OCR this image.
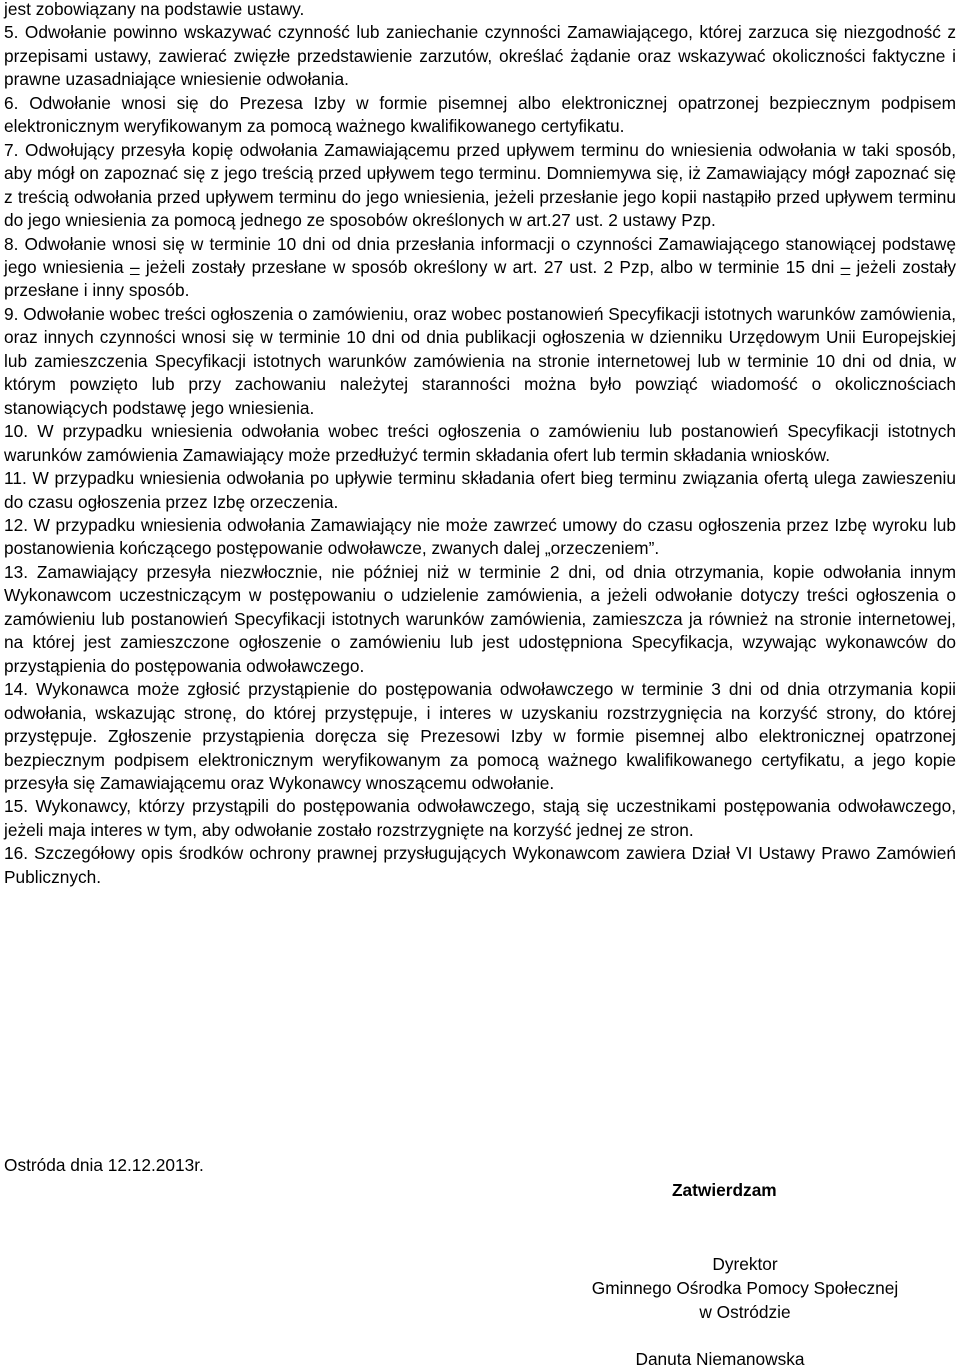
jest zobowiązany na podstawie ustawy.

5. Odwołanie powinno wskazywać czynność lub zaniechanie czynności Zamawiającego, której zarzuca się niezgodność z przepisami ustawy, zawierać zwięzłe przedstawienie zarzutów, określać żądanie oraz wskazywać okoliczności faktyczne i prawne uzasadniające wniesienie odwołania.

6. Odwołanie wnosi się do Prezesa Izby w formie pisemnej albo elektronicznej opatrzonej bezpiecznym podpisem elektronicznym weryfikowanym za pomocą ważnego kwalifikowanego certyfikatu.

7. Odwołujący przesyła kopię odwołania Zamawiającemu przed upływem terminu do wniesienia odwołania w taki sposób, aby mógł on zapoznać się z jego treścią przed upływem tego terminu. Domniemywa się, iż Zamawiający mógł zapoznać się z treścią odwołania przed upływem terminu do jego wniesienia, jeżeli przesłanie jego kopii nastąpiło przed upływem terminu do jego wniesienia za pomocą jednego ze sposobów określonych w art.27 ust. 2 ustawy Pzp.

8. Odwołanie wnosi się w terminie 10 dni od dnia przesłania informacji o czynności Zamawiającego stanowiącej podstawę jego wniesienia – jeżeli zostały przesłane w sposób określony w art. 27 ust. 2 Pzp, albo w terminie 15 dni – jeżeli zostały przesłane i inny sposób.

9. Odwołanie wobec treści ogłoszenia o zamówieniu, oraz wobec postanowień Specyfikacji istotnych warunków zamówienia, oraz innych czynności wnosi się w terminie 10 dni od dnia publikacji ogłoszenia w dzienniku Urzędowym Unii Europejskiej lub zamieszczenia Specyfikacji istotnych warunków zamówienia na stronie internetowej lub w terminie 10 dni od dnia, w którym powzięto lub przy zachowaniu należytej staranności można było powziąć wiadomość o okolicznościach stanowiących podstawę jego wniesienia.

10. W przypadku wniesienia odwołania wobec treści ogłoszenia o zamówieniu lub postanowień Specyfikacji istotnych warunków zamówienia Zamawiający może przedłużyć termin składania ofert lub termin składania wniosków.

11. W przypadku wniesienia odwołania po upływie terminu składania ofert bieg terminu związania ofertą ulega zawieszeniu do czasu ogłoszenia przez Izbę orzeczenia.

12. W przypadku wniesienia odwołania Zamawiający nie może zawrzeć umowy do czasu ogłoszenia przez Izbę wyroku lub postanowienia kończącego postępowanie odwoławcze, zwanych dalej „orzeczeniem”.

13. Zamawiający przesyła niezwłocznie, nie później niż w terminie 2 dni, od dnia otrzymania, kopie odwołania innym Wykonawcom uczestniczącym w postępowaniu o udzielenie zamówienia, a jeżeli odwołanie dotyczy treści ogłoszenia o zamówieniu lub postanowień Specyfikacji istotnych warunków zamówienia, zamieszcza ja również na stronie internetowej, na której jest zamieszczone ogłoszenie o zamówieniu lub jest udostępniona Specyfikacja, wzywając wykonawców do przystąpienia do postępowania odwoławczego.

14. Wykonawca może zgłosić przystąpienie do postępowania odwoławczego w terminie 3 dni od dnia otrzymania kopii odwołania, wskazując stronę, do której przystępuje, i interes w uzyskaniu rozstrzygnięcia na korzyść strony, do której przystępuje. Zgłoszenie przystąpienia doręcza się Prezesowi Izby w formie pisemnej albo elektronicznej opatrzonej bezpiecznym podpisem elektronicznym weryfikowanym za pomocą ważnego kwalifikowanego certyfikatu, a jego kopie przesyła się Zamawiającemu oraz Wykonawcy wnoszącemu odwołanie.

15. Wykonawcy, którzy przystąpili do postępowania odwoławczego, stają się uczestnikami postępowania odwoławczego, jeżeli maja interes w tym, aby odwołanie zostało rozstrzygnięte na korzyść jednej ze stron.

16. Szczegółowy opis środków ochrony prawnej przysługujących Wykonawcom zawiera Dział VI Ustawy Prawo Zamówień Publicznych.

Ostróda dnia 12.12.2013r.
Zatwierdzam
Dyrektor
Gminnego Ośrodka Pomocy Społecznej
w Ostródzie
Danuta Niemanowska
